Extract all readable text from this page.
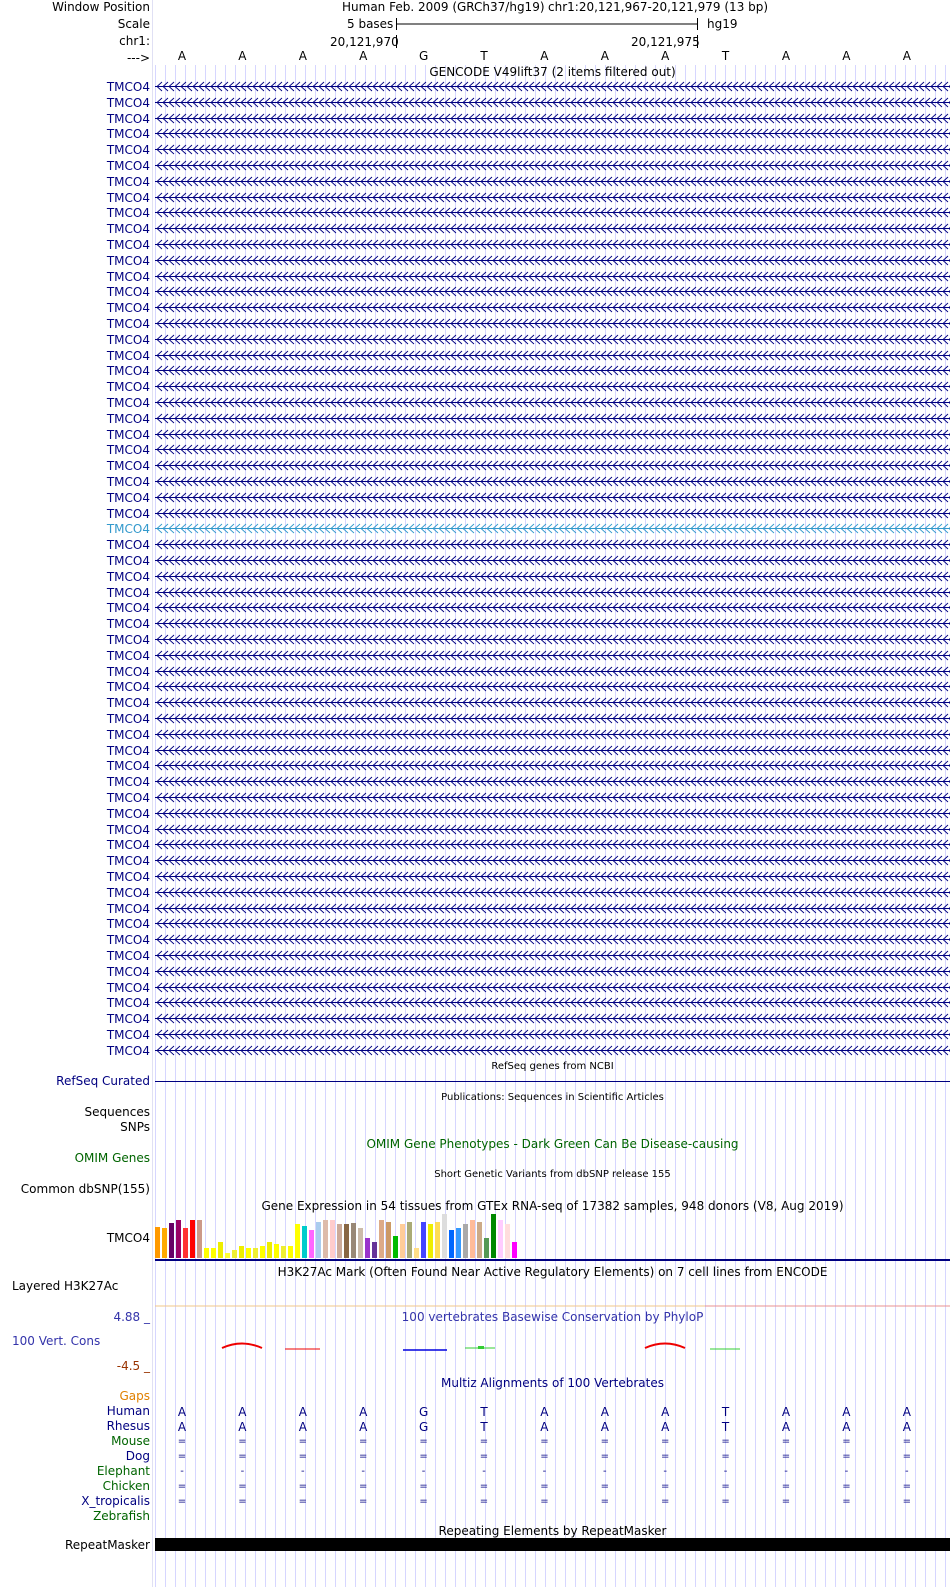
Window Position
Scale
chr1:
--->
Human Feb. 2009 (GRCh37/hg19) chr1:20,121,967-20,121,979 (13 bp)
5 bases	hg19
20,121,970	20,121,975
A	A	A	A	G	T	A	A	A	T	A	A	A
GENCODE V49lift37 (2 items filtered out)
TMCO4
TMCO4
TMCO4
TMCO4
TMCO4
TMCO4
TMCO4
TMCO4
TMCO4
TMCO4
TMCO4
TMCO4
TMCO4
TMCO4
TMCO4
TMCO4
TMCO4
TMCO4
TMCO4
TMCO4
TMCO4
TMCO4
TMCO4
TMCO4
TMCO4
TMCO4
TMCO4
TMCO4
TMCO4
TMCO4
TMCO4
TMCO4
TMCO4
TMCO4
TMCO4
TMCO4
TMCO4
TMCO4
TMCO4
TMCO4
TMCO4
TMCO4
TMCO4
TMCO4
TMCO4
TMCO4
TMCO4
TMCO4
TMCO4
TMCO4
TMCO4
TMCO4
TMCO4
TMCO4
TMCO4
TMCO4
TMCO4
TMCO4
TMCO4
TMCO4
TMCO4
TMCO4
RefSeq genes from NCBI
RefSeq Curated
Publications: Sequences in Scientific Articles
Sequences
SNPs
OMIM Gene Phenotypes - Dark Green Can Be Disease-causing
OMIM Genes
Short Genetic Variants from dbSNP release 155
Common dbSNP(155)
Gene Expression in 54 tissues from GTEx RNA-seq of 17382 samples, 948 donors (V8, Aug 2019)
TMCO4
H3K27Ac Mark (Often Found Near Active Regulatory Elements) on 7 cell lines from ENCODE
Layered H3K27Ac
100 vertebrates Basewise Conservation by PhyloP
4.88 _
100 Vert. Cons
-4.5 _
Multiz Alignments of 100 Vertebrates
Gaps
Human	A	A	A	A	G	T	A	A	A	T	A	A	A
Rhesus	A	A	A	A	G	T	A	A	A	T	A	A	A
Mouse	=	=	=	=	=	=	=	=	=	=	=	=	=
Dog	=	=	=	=	=	=	=	=	=	=	=	=	=
Elephant	-	-	-	-	-	-	-	-	-	-	-	-	-
Chicken	=	=	=	=	=	=	=	=	=	=	=	=	=
X_tropicalis	=	=	=	=	=	=	=	=	=	=	=	=	=
Zebrafish
Repeating Elements by RepeatMasker
RepeatMasker
